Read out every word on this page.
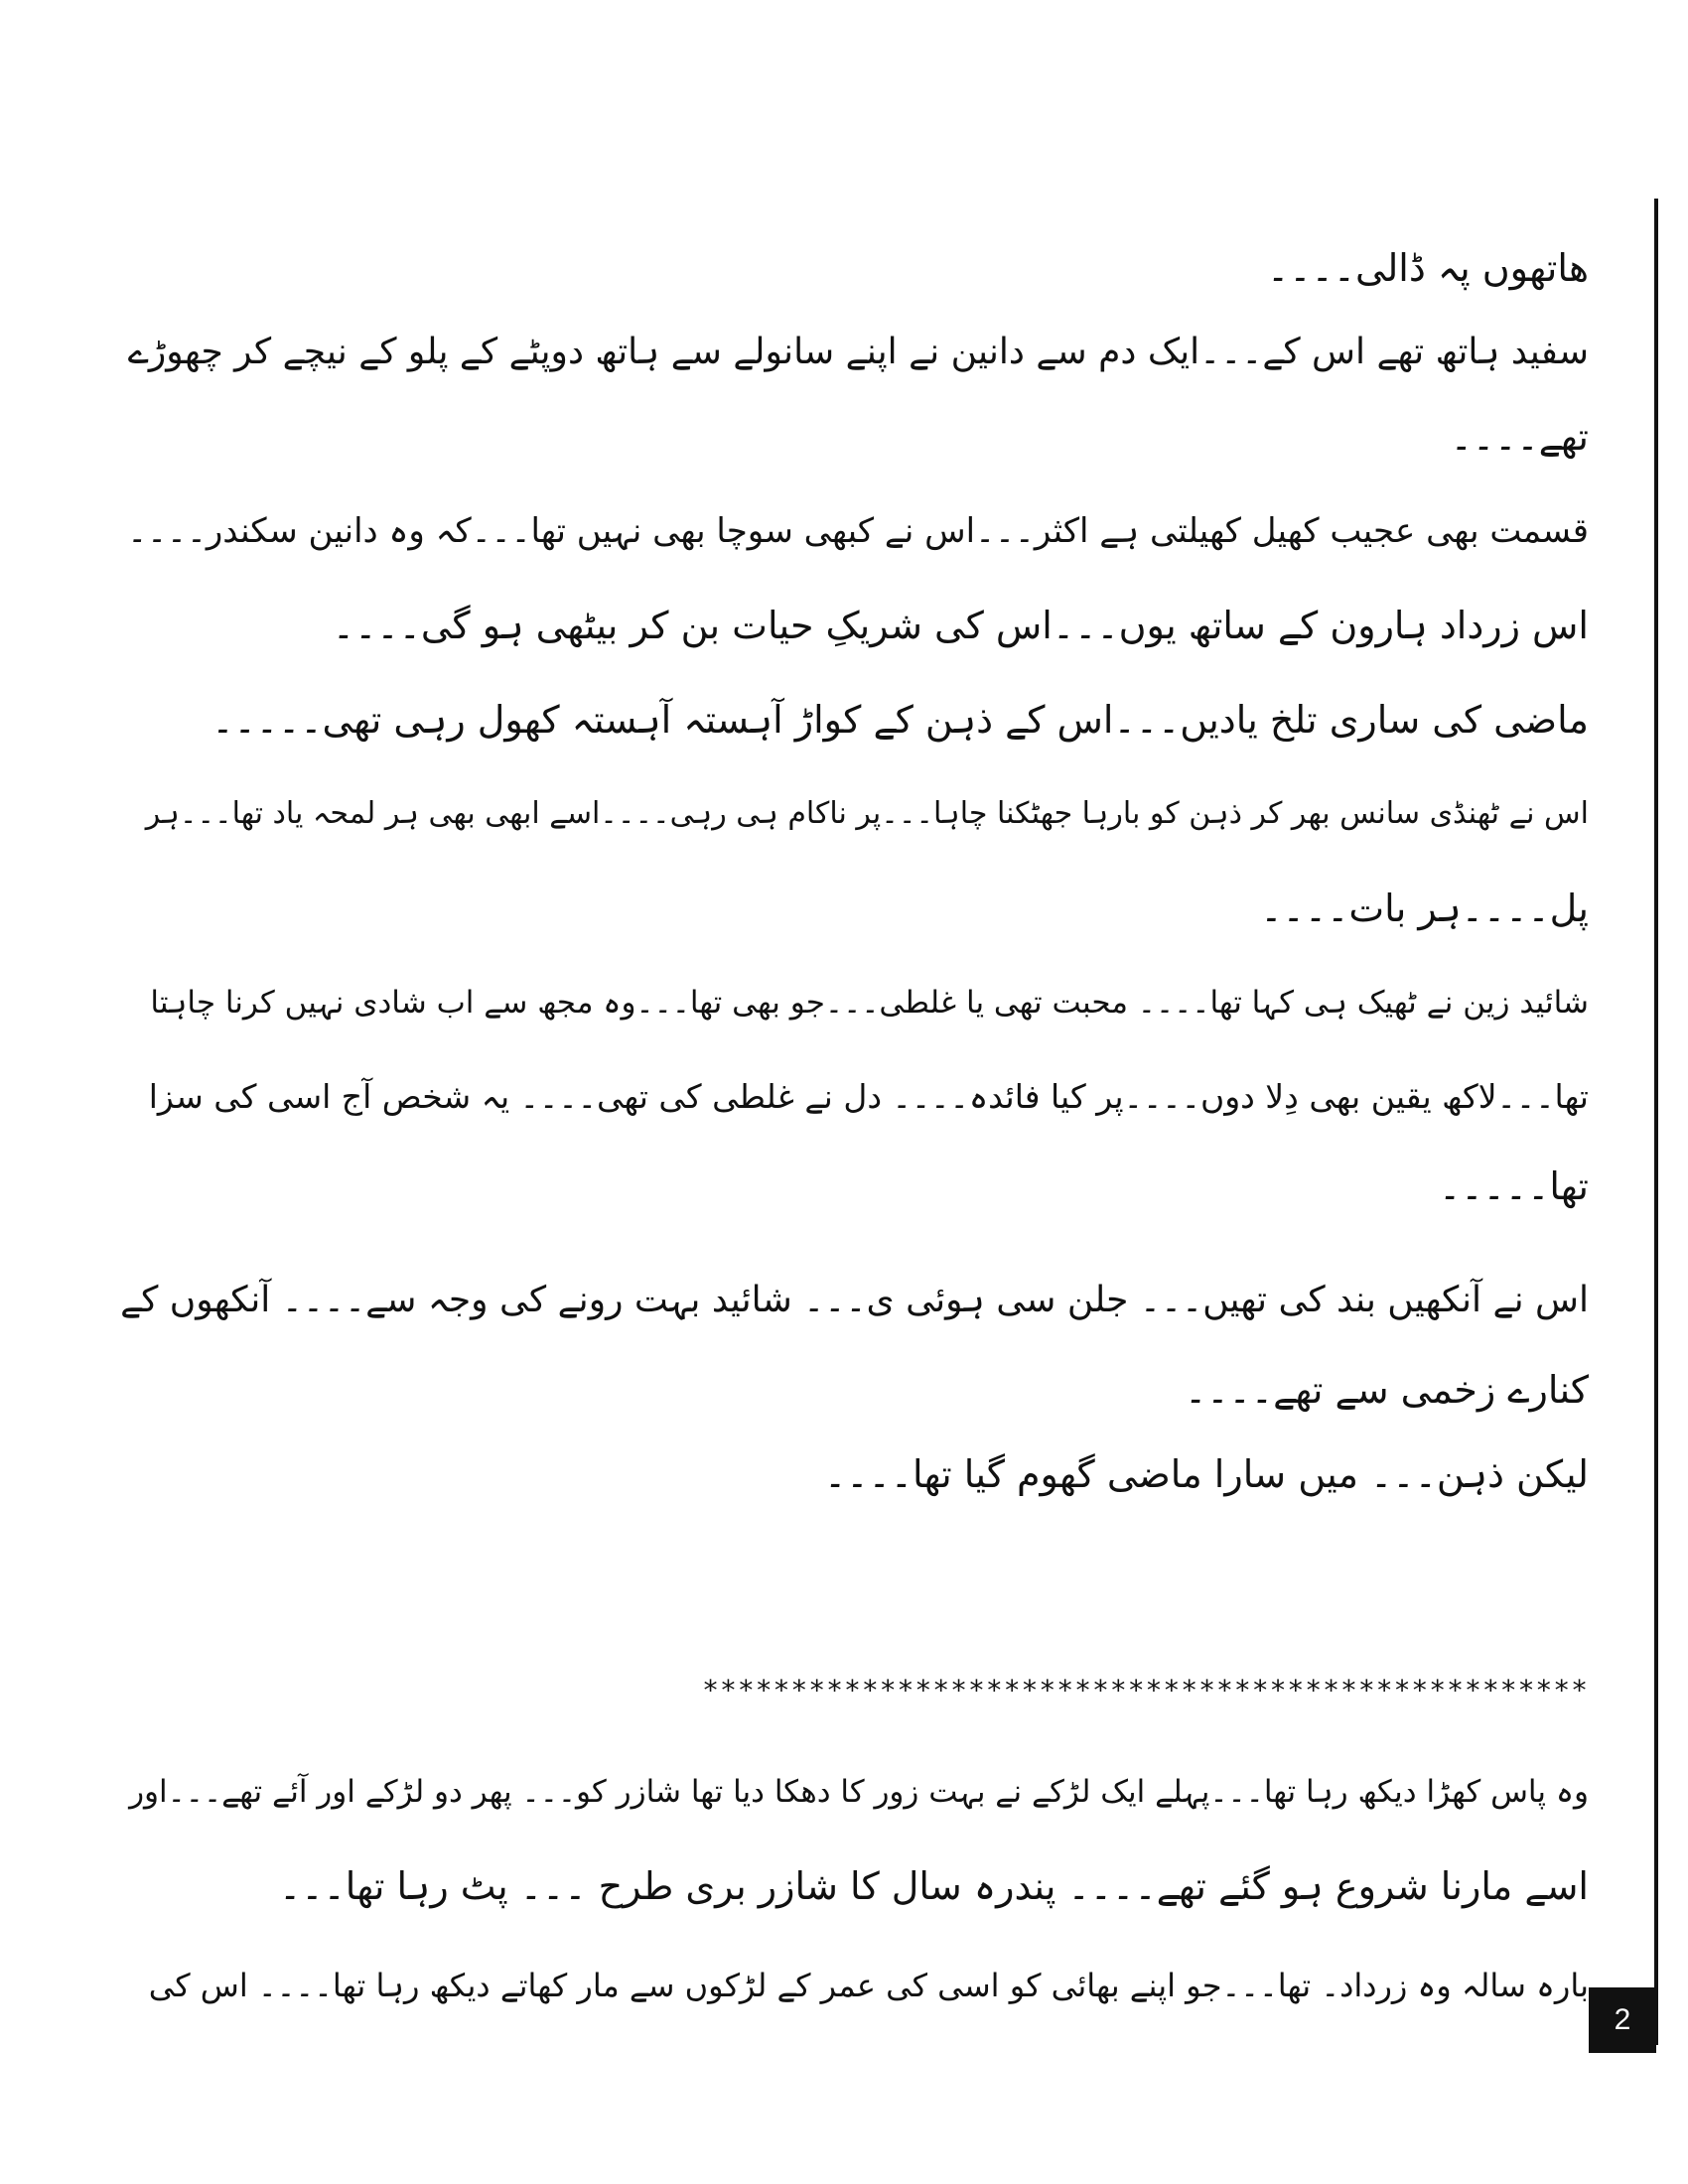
ھاتھوں پہ ڈالی۔۔۔۔
سفید ہاتھ تھے اس کے۔۔۔ایک دم سے دانین نے اپنے سانولے سے ہاتھ دوپٹے کے پلو کے نیچے کر چھوڑے
تھے۔۔۔۔
قسمت بھی عجیب کھیل کھیلتی ہے اکثر۔۔۔اس نے کبھی سوچا بھی نہیں تھا۔۔۔کہ وہ دانین سکندر۔۔۔۔
اس زرداد ہارون کے ساتھ یوں۔۔۔اس کی شریکِ حیات بن کر بیٹھی ہو گی۔۔۔۔
ماضی کی ساری تلخ یادیں۔۔۔اس کے ذہن کے کواڑ آہستہ آہستہ کھول رہی تھی۔۔۔۔۔
اس نے ٹھنڈی سانس بھر کر ذہن کو بارہا جھٹکنا چاہا۔۔۔پر ناکام ہی رہی۔۔۔۔اسے ابھی بھی ہر لمحہ یاد تھا۔۔۔ہر
پل۔۔۔۔ہر بات۔۔۔۔
شائید زین نے ٹھیک ہی کہا تھا۔۔۔۔ محبت تھی یا غلطی۔۔۔جو بھی تھا۔۔۔وہ مجھ سے اب شادی نہیں کرنا چاہتا
تھا۔۔۔لاکھ یقین بھی دِلا دوں۔۔۔۔پر کیا فائدہ۔۔۔۔ دل نے غلطی کی تھی۔۔۔۔ یہ شخص آج اسی کی سزا
تھا۔۔۔۔۔
اس نے آنکھیں بند کی تھیں۔۔۔ جلن سی ہوئی ی۔۔۔ شائید بہت رونے کی وجہ سے۔۔۔۔ آنکھوں کے
کنارے زخمی سے تھے۔۔۔۔
لیکن ذہن۔۔۔ میں سارا ماضی گھوم گیا تھا۔۔۔۔
**************************************************
وہ پاس کھڑا دیکھ رہا تھا۔۔۔پہلے ایک لڑکے نے بہت زور کا دھکا دیا تھا شازر کو۔۔۔ پھر دو لڑکے اور آئے تھے۔۔۔اور
اسے مارنا شروع ہو گئے تھے۔۔۔۔ پندرہ سال کا شازر بری طرح ۔۔۔ پٹ رہا تھا۔۔۔
بارہ سالہ وہ زرداد۔ تھا۔۔۔جو اپنے بھائی کو اسی کی عمر کے لڑکوں سے مار کھاتے دیکھ رہا تھا۔۔۔۔ اس کی
2
